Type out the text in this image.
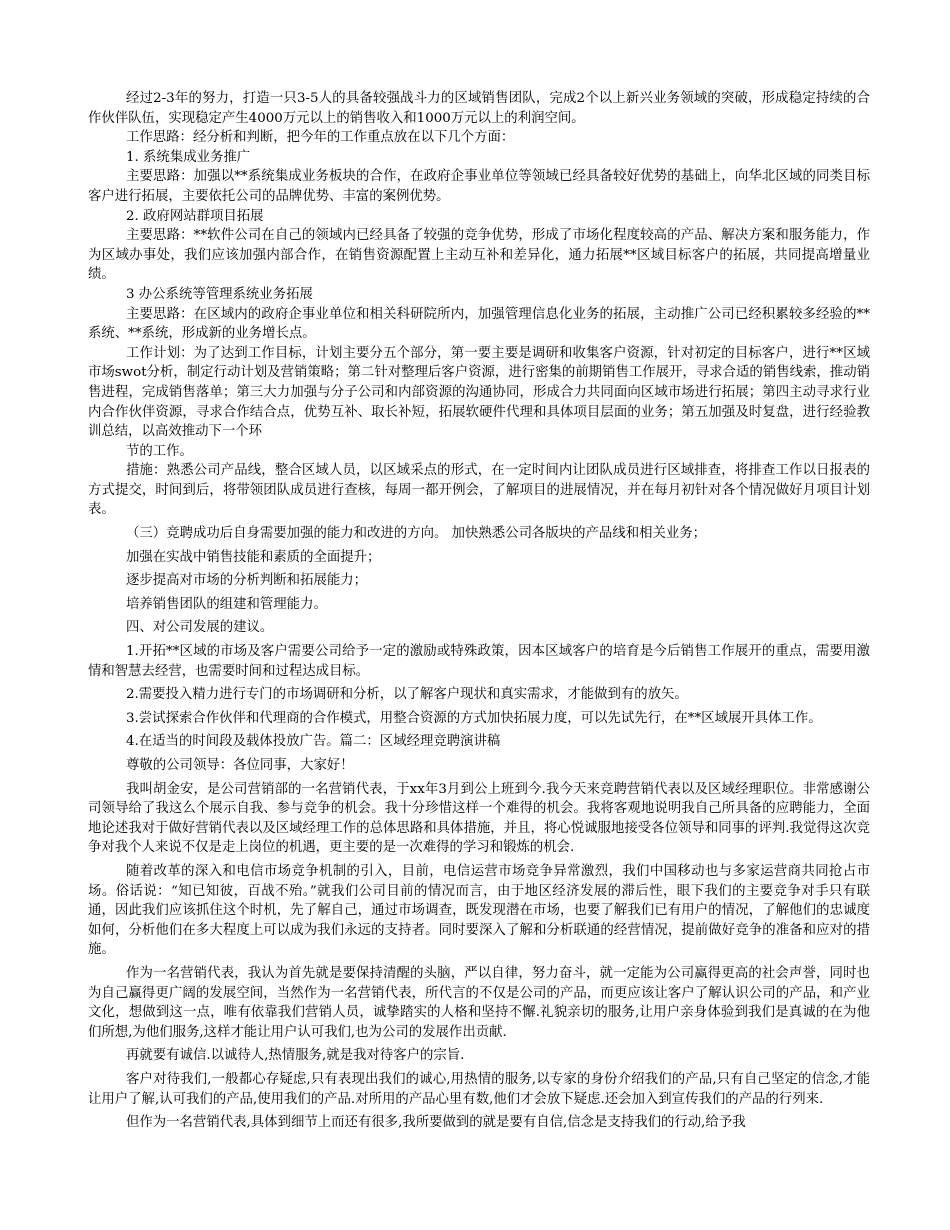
经过2-3年的努力，打造一只3-5人的具备较强战斗力的区域销售团队，完成2个以上新兴业务领域的突破，形成稳定持续的合作伙伴队伍，实现稳定产生4000万元以上的销售收入和1000万元以上的利润空间。

工作思路：经分析和判断，把今年的工作重点放在以下几个方面：

1. 系统集成业务推广

主要思路：加强以**系统集成业务板块的合作，在政府企事业单位等领域已经具备较好优势的基础上，向华北区域的同类目标客户进行拓展，主要依托公司的品牌优势、丰富的案例优势。

2. 政府网站群项目拓展

主要思路：**软件公司在自己的领域内已经具备了较强的竞争优势，形成了市场化程度较高的产品、解决方案和服务能力，作为区域办事处，我们应该加强内部合作，在销售资源配置上主动互补和差异化，通力拓展**区域目标客户的拓展，共同提高增量业绩。

3 办公系统等管理系统业务拓展

主要思路：在区域内的政府企事业单位和相关科研院所内，加强管理信息化业务的拓展，主动推广公司已经积累较多经验的**系统、**系统，形成新的业务增长点。

工作计划：为了达到工作目标，计划主要分五个部分，第一要主要是调研和收集客户资源，针对初定的目标客户，进行**区域市场swot分析，制定行动计划及营销策略；第二针对整理后客户资源，进行密集的前期销售工作展开，寻求合适的销售线索，推动销售进程，完成销售落单；第三大力加强与分子公司和内部资源的沟通协同，形成合力共同面向区域市场进行拓展；第四主动寻求行业内合作伙伴资源，寻求合作结合点，优势互补、取长补短，拓展软硬件代理和具体项目层面的业务；第五加强及时复盘，进行经验教训总结，以高效推动下一个环

节的工作。

措施：熟悉公司产品线，整合区域人员，以区域采点的形式，在一定时间内让团队成员进行区域排查，将排查工作以日报表的方式提交，时间到后，将带领团队成员进行查核，每周一都开例会，了解项目的进展情况，并在每月初针对各个情况做好月项目计划表。

（三）竞聘成功后自身需要加强的能力和改进的方向。 加快熟悉公司各版块的产品线和相关业务；

加强在实战中销售技能和素质的全面提升；

逐步提高对市场的分析判断和拓展能力；

培养销售团队的组建和管理能力。

四、对公司发展的建议。

1.开拓**区域的市场及客户需要公司给予一定的激励或特殊政策，因本区域客户的培育是今后销售工作展开的重点，需要用激情和智慧去经营，也需要时间和过程达成目标。

2.需要投入精力进行专门的市场调研和分析，以了解客户现状和真实需求，才能做到有的放矢。

3.尝试探索合作伙伴和代理商的合作模式，用整合资源的方式加快拓展力度，可以先试先行，在**区域展开具体工作。

4.在适当的时间段及载体投放广告。篇二：区域经理竞聘演讲稿

尊敬的公司领导：各位同事，大家好！

我叫胡金安，是公司营销部的一名营销代表，于xx年3月到公上班到今.我今天来竞聘营销代表以及区域经理职位。非常感谢公司领导给了我这么个展示自我、参与竞争的机会。我十分珍惜这样一个难得的机会。我将客观地说明我自己所具备的应聘能力，全面地论述我对于做好营销代表以及区域经理工作的总体思路和具体措施，并且，将心悦诚服地接受各位领导和同事的评判.我觉得这次竞争对我个人来说不仅是走上岗位的机遇，更主要的是一次难得的学习和锻炼的机会.

随着改革的深入和电信市场竞争机制的引入，目前，电信运营市场竞争异常激烈，我们中国移动也与多家运营商共同抢占市场。俗话说：“知已知彼，百战不殆。”就我们公司目前的情况而言，由于地区经济发展的滞后性，眼下我们的主要竞争对手只有联通，因此我们应该抓住这个时机，先了解自己，通过市场调查，既发现潜在市场，也要了解我们已有用户的情况，了解他们的忠诚度如何，分析他们在多大程度上可以成为我们永远的支持者。同时要深入了解和分析联通的经营情况，提前做好竞争的准备和应对的措施。

作为一名营销代表，我认为首先就是要保持清醒的头脑，严以自律，努力奋斗，就一定能为公司赢得更高的社会声誉，同时也为自己赢得更广阔的发展空间，当然作为一名营销代表，所代言的不仅是公司的产品，而更应该让客户了解认识公司的产品，和产业文化，想做到这一点，唯有依靠我们营销人员，诚挚踏实的人格和坚持不懈.礼貌亲切的服务,让用户亲身体验到我们是真诚的在为他们所想,为他们服务,这样才能让用户认可我们,也为公司的发展作出贡献.

再就要有诚信.以诚待人,热情服务,就是我对待客户的宗旨.

客户对待我们,一般都心存疑虑,只有表现出我们的诚心,用热情的服务,以专家的身份介绍我们的产品,只有自己坚定的信念,才能让用户了解,认可我们的产品,使用我们的产品.对所用的产品心里有数,他们才会放下疑虑.还会加入到宣传我们的产品的行列来.

但作为一名营销代表,具体到细节上而还有很多,我所要做到的就是要有自信,信念是支持我们的行动,给予我
